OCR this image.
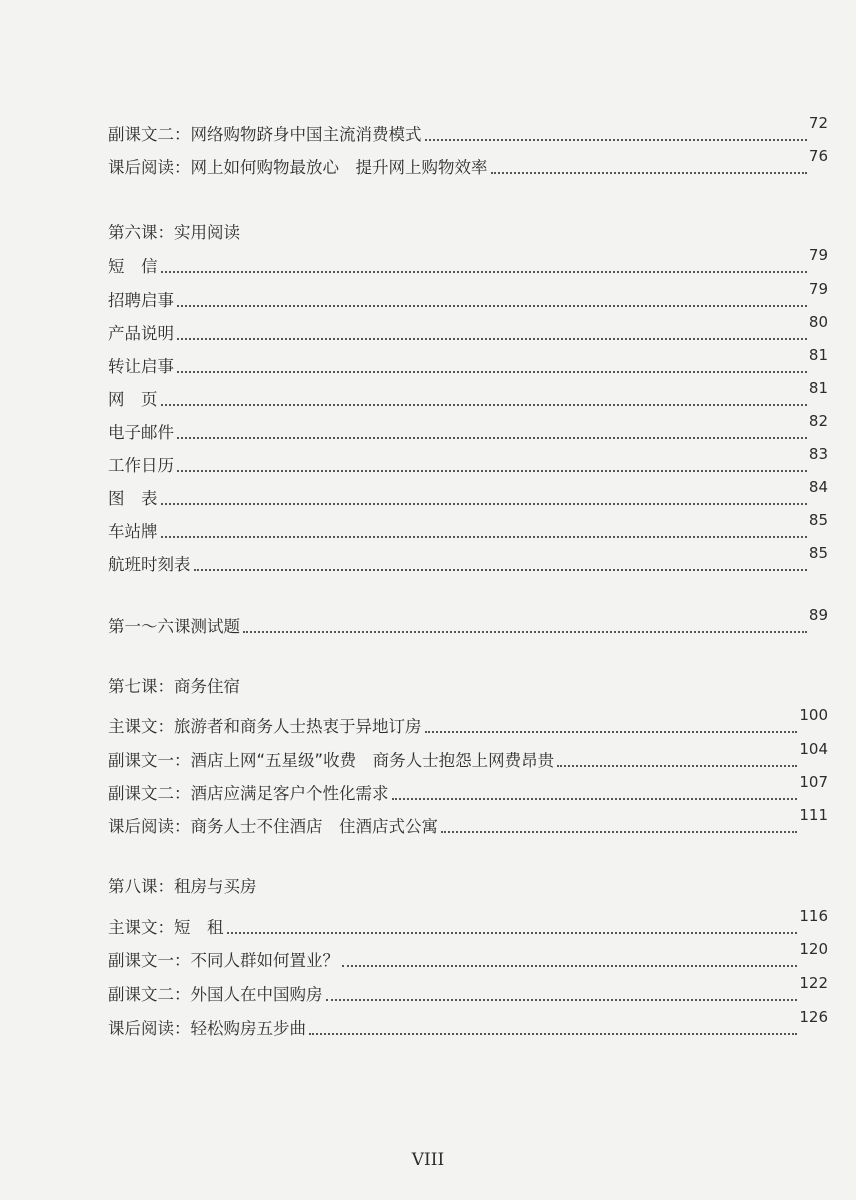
副课文二：网络购物跻身中国主流消费模式
72
课后阅读：网上如何购物最放心　提升网上购物效率
76
第六课：实用阅读
短　信
79
招聘启事
79
产品说明
80
转让启事
81
网　页
81
电子邮件
82
工作日历
83
图　表
84
车站牌
85
航班时刻表
85
第一～六课测试题
89
第七课：商务住宿
主课文：旅游者和商务人士热衷于异地订房
100
副课文一：酒店上网“五星级”收费　商务人士抱怨上网费昂贵
104
副课文二：酒店应满足客户个性化需求
107
课后阅读：商务人士不住酒店　住酒店式公寓
111
第八课：租房与买房
主课文：短　租
116
副课文一：不同人群如何置业？
120
副课文二：外国人在中国购房
122
课后阅读：轻松购房五步曲
126
VIII
